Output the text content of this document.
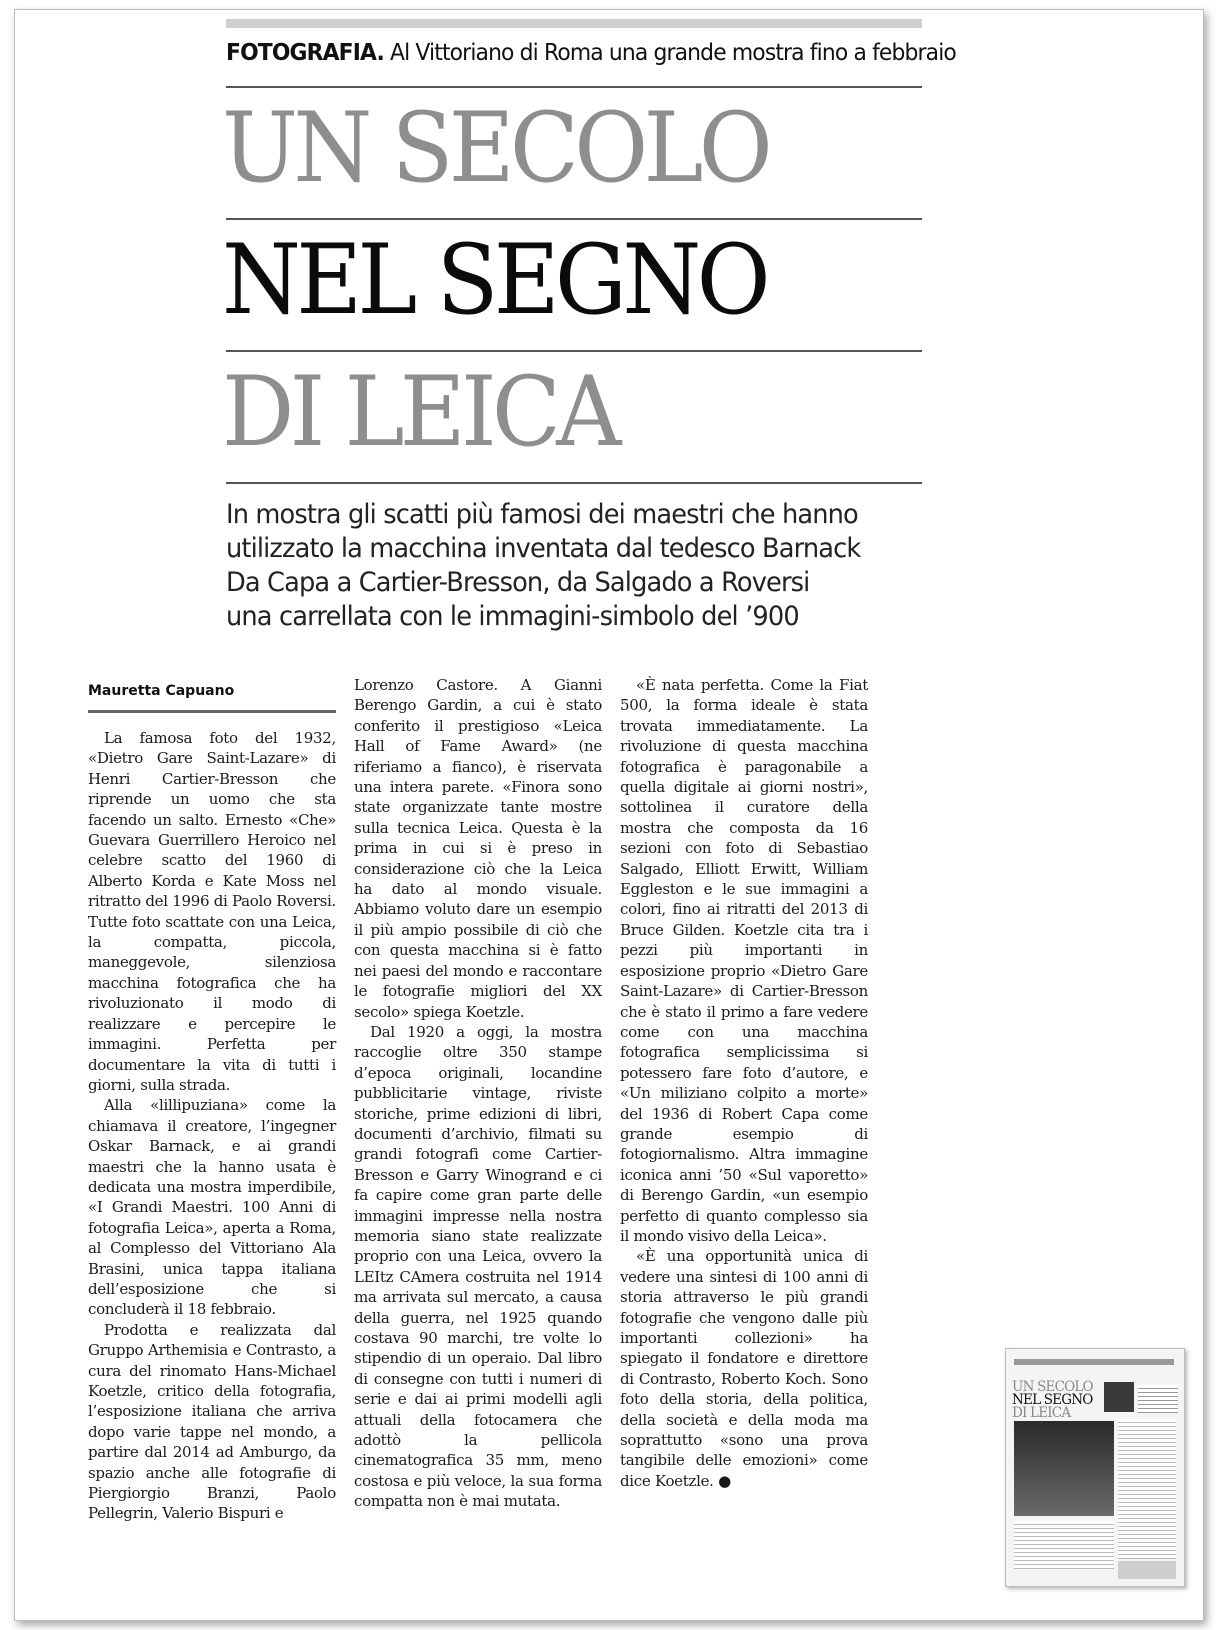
FOTOGRAFIA. Al Vittoriano di Roma una grande mostra fino a febbraio
UN SECOLO
NEL SEGNO
DI LEICA
In mostra gli scatti più famosi dei maestri che hanno
utilizzato la macchina inventata dal tedesco Barnack
Da Capa a Cartier-Bresson, da Salgado a Roversi
una carrellata con le immagini-simbolo del ’900
Mauretta Capuano

La famosa foto del 1932, «Dietro Gare Saint-Lazare» di Henri Cartier-Bresson che riprende un uomo che sta facendo un salto. Ernesto «Che» Guevara Guerrillero Heroico nel celebre scatto del 1960 di Alberto Korda e Kate Moss nel ritratto del 1996 di Paolo Roversi. Tutte foto scattate con una Leica, la compatta, piccola, maneggevole, silenziosa macchina fotografica che ha rivoluzionato il modo di realizzare e percepire le immagini. Perfetta per documentare la vita di tutti i giorni, sulla strada.

Alla «lillipuziana» come la chiamava il creatore, l’ingegner Oskar Barnack, e ai grandi maestri che la hanno usata è dedicata una mostra imperdibile, «I Grandi Maestri. 100 Anni di fotografia Leica», aperta a Roma, al Complesso del Vittoriano Ala Brasini, unica tappa italiana dell’esposizione che si concluderà il 18 febbraio.

Prodotta e realizzata dal Gruppo Arthemisia e Contrasto, a cura del rinomato Hans-Michael Koetzle, critico della fotografia, l’esposizione italiana che arriva dopo varie tappe nel mondo, a partire dal 2014 ad Amburgo, da spazio anche alle fotografie di Piergiorgio Branzi, Paolo Pellegrin, Valerio Bispuri e

Lorenzo Castore. A Gianni Berengo Gardin, a cui è stato conferito il prestigioso «Leica Hall of Fame Award» (ne riferiamo a fianco), è riservata una intera parete. «Finora sono state organizzate tante mostre sulla tecnica Leica. Questa è la prima in cui si è preso in considerazione ciò che la Leica ha dato al mondo visuale. Abbiamo voluto dare un esempio il più ampio possibile di ciò che con questa macchina si è fatto nei paesi del mondo e raccontare le fotografie migliori del XX secolo» spiega Koetzle.

Dal 1920 a oggi, la mostra raccoglie oltre 350 stampe d’epoca originali, locandine pubblicitarie vintage, riviste storiche, prime edizioni di libri, documenti d’archivio, filmati su grandi fotografi come Cartier-Bresson e Garry Winogrand e ci fa capire come gran parte delle immagini impresse nella nostra memoria siano state realizzate proprio con una Leica, ovvero la LEItz CAmera costruita nel 1914 ma arrivata sul mercato, a causa della guerra, nel 1925 quando costava 90 marchi, tre volte lo stipendio di un operaio. Dal libro di consegne con tutti i numeri di serie e dai ai primi modelli agli attuali della fotocamera che adottò la pellicola cinematografica 35 mm, meno costosa e più veloce, la sua forma compatta non è mai mutata.

«È nata perfetta. Come la Fiat 500, la forma ideale è stata trovata immediatamente. La rivoluzione di questa macchina fotografica è paragonabile a quella digitale ai giorni nostri», sottolinea il curatore della mostra che composta da 16 sezioni con foto di Sebastiao Salgado, Elliott Erwitt, William Eggleston e le sue immagini a colori, fino ai ritratti del 2013 di Bruce Gilden. Koetzle cita tra i pezzi più importanti in esposizione proprio «Dietro Gare Saint-Lazare» di Cartier-Bresson che è stato il primo a fare vedere come con una macchina fotografica semplicissima si potessero fare foto d’autore, e «Un miliziano colpito a morte» del 1936 di Robert Capa come grande esempio di fotogiornalismo. Altra immagine iconica anni ’50 «Sul vaporetto» di Berengo Gardin, «un esempio perfetto di quanto complesso sia il mondo visivo della Leica».

«È una opportunità unica di vedere una sintesi di 100 anni di storia attraverso le più grandi fotografie che vengono dalle più importanti collezioni» ha spiegato il fondatore e direttore di Contrasto, Roberto Koch. Sono foto della storia, della politica, della società e della moda ma soprattutto «sono una prova tangibile delle emozioni» come dice Koetzle. ●

UN SECOLO
NEL SEGNO
DI LEICA
